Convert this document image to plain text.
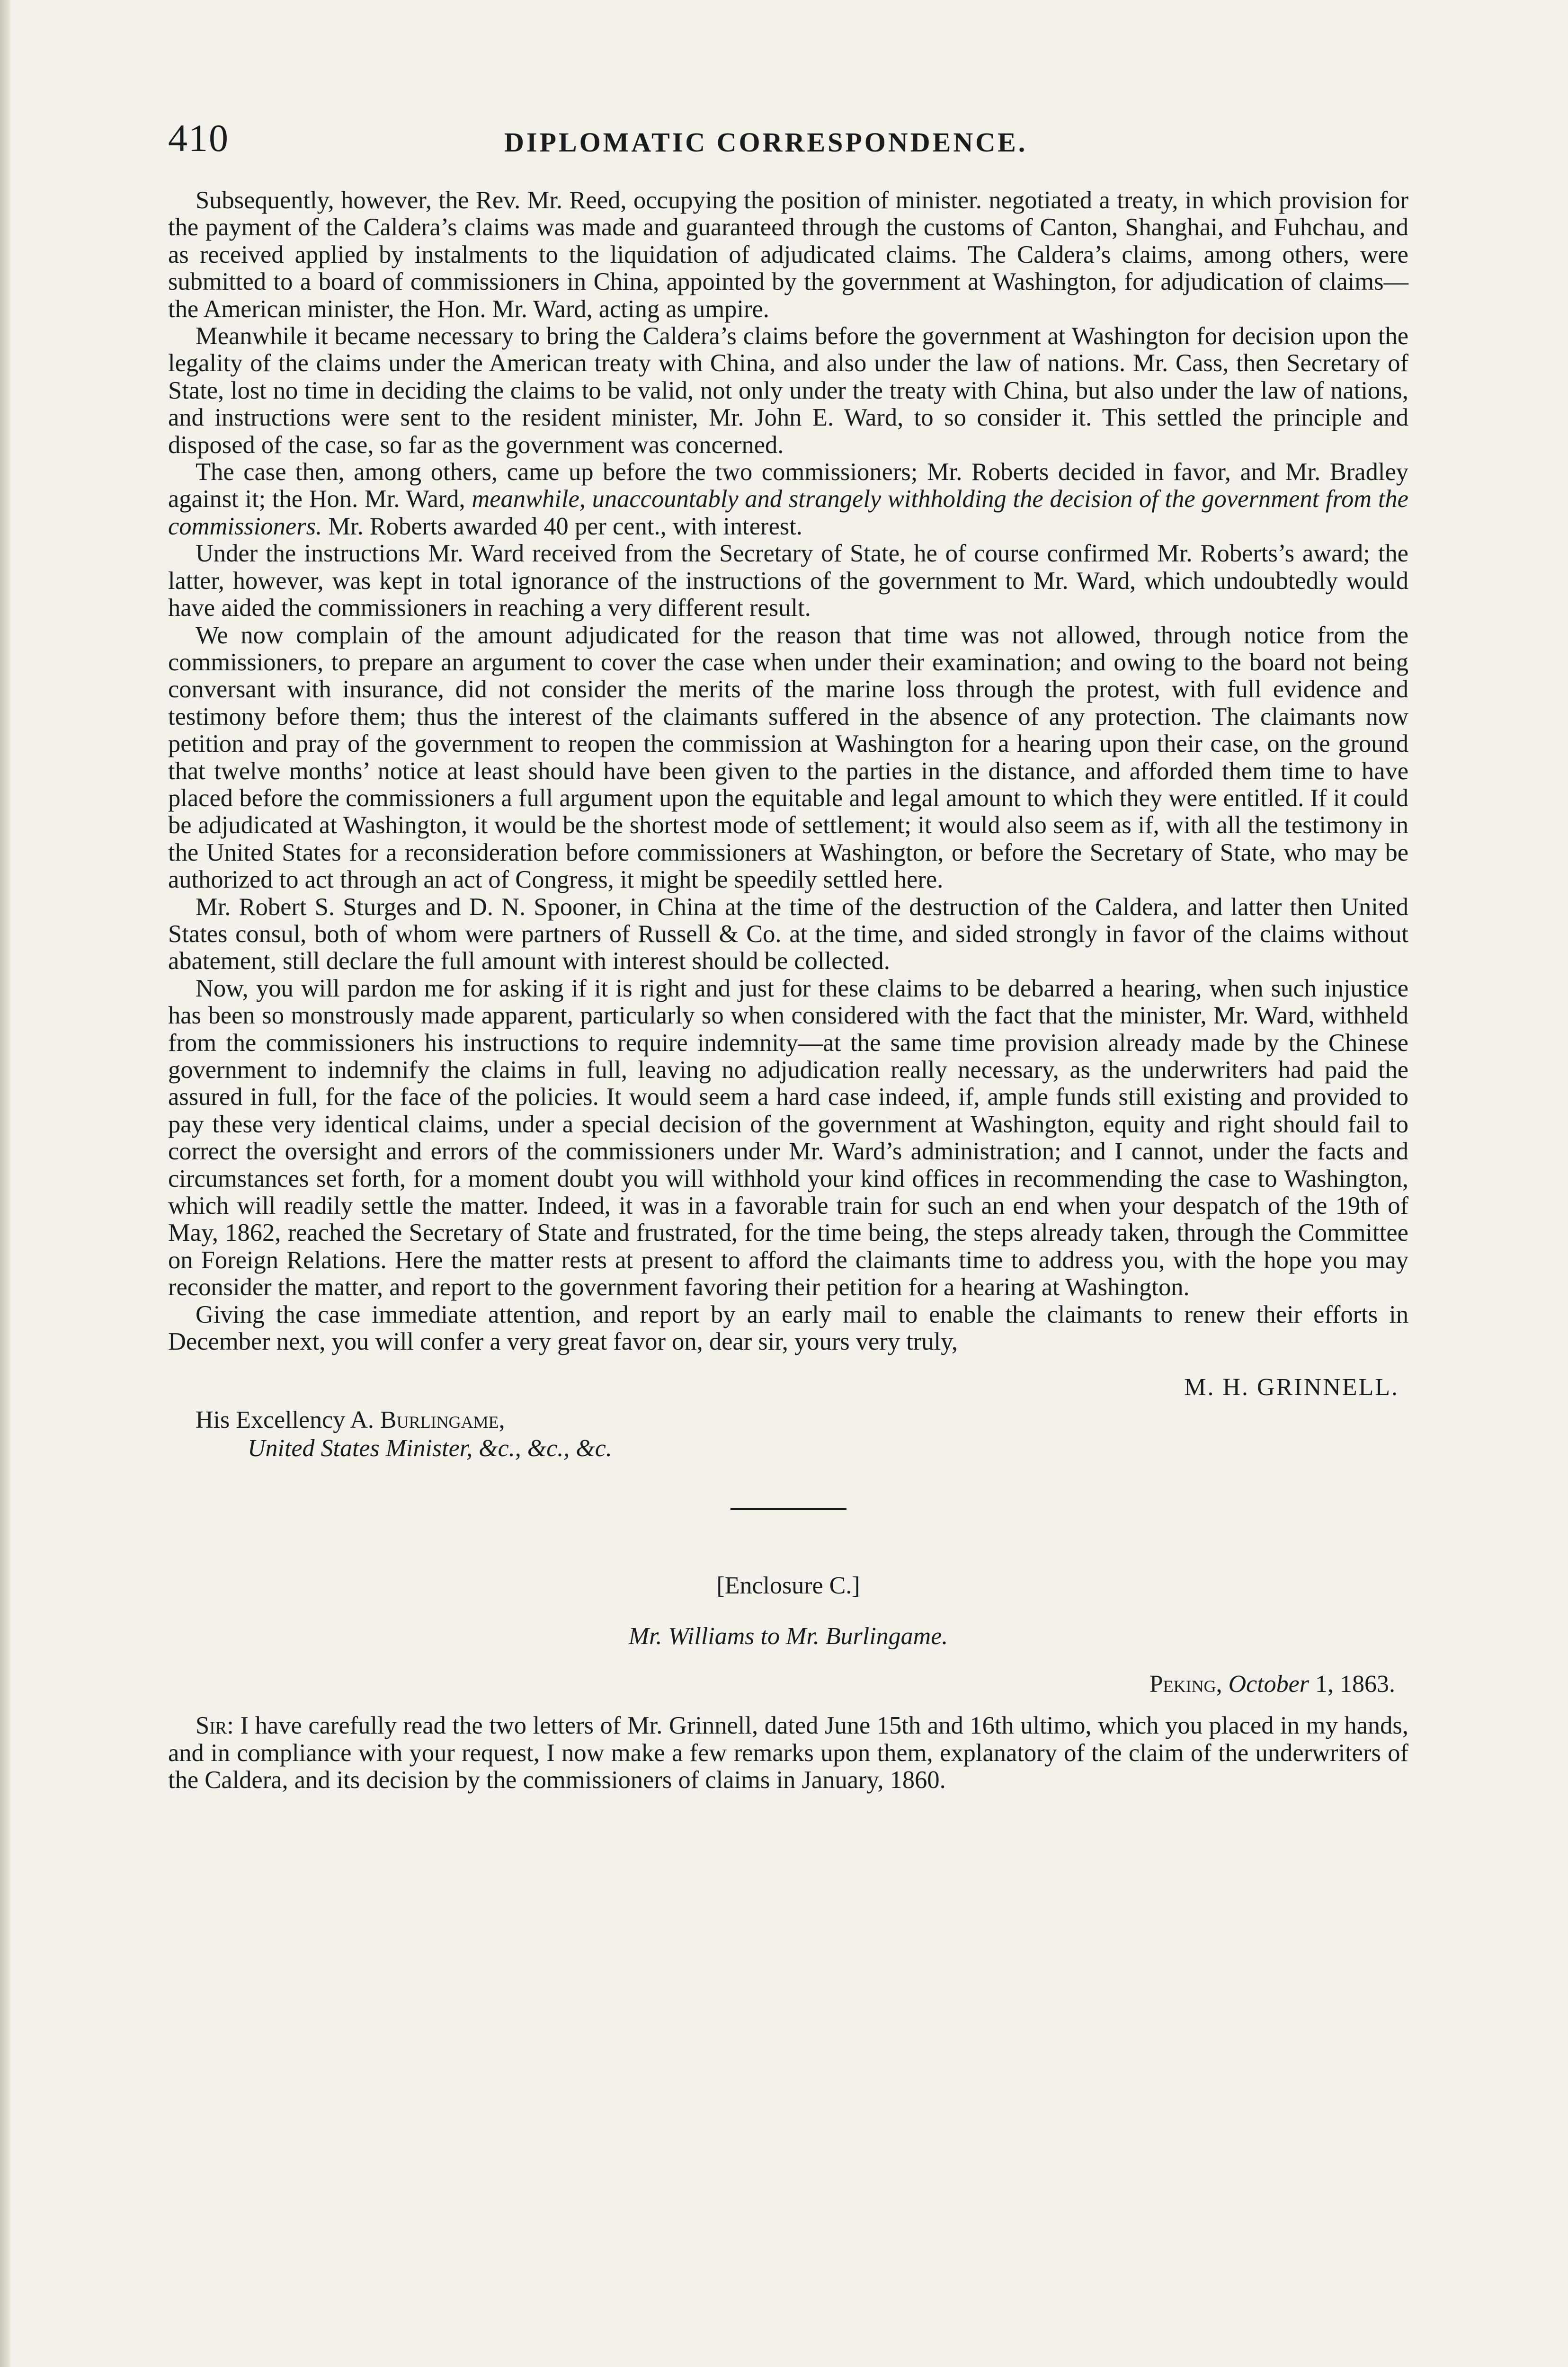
410	DIPLOMATIC CORRESPONDENCE.

Subsequently, however, the Rev. Mr. Reed, occupying the position of minister. negotiated a treaty, in which provision for the payment of the Caldera’s claims was made and guaranteed through the customs of Canton, Shanghai, and Fuhchau, and as received applied by instalments to the liquidation of adjudicated claims. The Caldera’s claims, among others, were submitted to a board of commissioners in China, appointed by the government at Washington, for adjudication of claims—the American minister, the Hon. Mr. Ward, acting as umpire.

Meanwhile it became necessary to bring the Caldera’s claims before the government at Washington for decision upon the legality of the claims under the American treaty with China, and also under the law of nations. Mr. Cass, then Secretary of State, lost no time in deciding the claims to be valid, not only under the treaty with China, but also under the law of nations, and instructions were sent to the resident minister, Mr. John E. Ward, to so consider it. This settled the principle and disposed of the case, so far as the government was concerned.

The case then, among others, came up before the two commissioners; Mr. Roberts decided in favor, and Mr. Bradley against it; the Hon. Mr. Ward, meanwhile, unaccountably and strangely withholding the decision of the government from the commissioners. Mr. Roberts awarded 40 per cent., with interest.

Under the instructions Mr. Ward received from the Secretary of State, he of course confirmed Mr. Roberts’s award; the latter, however, was kept in total ignorance of the instructions of the government to Mr. Ward, which undoubtedly would have aided the commissioners in reaching a very different result.

We now complain of the amount adjudicated for the reason that time was not allowed, through notice from the commissioners, to prepare an argument to cover the case when under their examination; and owing to the board not being conversant with insurance, did not consider the merits of the marine loss through the protest, with full evidence and testimony before them; thus the interest of the claimants suffered in the absence of any protection. The claimants now petition and pray of the government to reopen the commission at Washington for a hearing upon their case, on the ground that twelve months’ notice at least should have been given to the parties in the distance, and afforded them time to have placed before the commissioners a full argument upon the equitable and legal amount to which they were entitled. If it could be adjudicated at Washington, it would be the shortest mode of settlement; it would also seem as if, with all the testimony in the United States for a reconsideration before commissioners at Washington, or before the Secretary of State, who may be authorized to act through an act of Congress, it might be speedily settled here.

Mr. Robert S. Sturges and D. N. Spooner, in China at the time of the destruction of the Caldera, and latter then United States consul, both of whom were partners of Russell & Co. at the time, and sided strongly in favor of the claims without abatement, still declare the full amount with interest should be collected.

Now, you will pardon me for asking if it is right and just for these claims to be debarred a hearing, when such injustice has been so monstrously made apparent, particularly so when considered with the fact that the minister, Mr. Ward, withheld from the commissioners his instructions to require indemnity—at the same time provision already made by the Chinese government to indemnify the claims in full, leaving no adjudication really necessary, as the underwriters had paid the assured in full, for the face of the policies. It would seem a hard case indeed, if, ample funds still existing and provided to pay these very identical claims, under a special decision of the government at Washington, equity and right should fail to correct the oversight and errors of the commissioners under Mr. Ward’s administration; and I cannot, under the facts and circumstances set forth, for a moment doubt you will withhold your kind offices in recommending the case to Washington, which will readily settle the matter. Indeed, it was in a favorable train for such an end when your despatch of the 19th of May, 1862, reached the Secretary of State and frustrated, for the time being, the steps already taken, through the Committee on Foreign Relations. Here the matter rests at present to afford the claimants time to address you, with the hope you may reconsider the matter, and report to the government favoring their petition for a hearing at Washington.

Giving the case immediate attention, and report by an early mail to enable the claimants to renew their efforts in December next, you will confer a very great favor on, dear sir, yours very truly,

M. H. GRINNELL.
His Excellency A. Burlingame,
United States Minister, &c., &c., &c.
[Enclosure C.]
Mr. Williams to Mr. Burlingame.
Peking, October 1, 1863.

Sir: I have carefully read the two letters of Mr. Grinnell, dated June 15th and 16th ultimo, which you placed in my hands, and in compliance with your request, I now make a few remarks upon them, explanatory of the claim of the underwriters of the Caldera, and its decision by the commissioners of claims in January, 1860.
